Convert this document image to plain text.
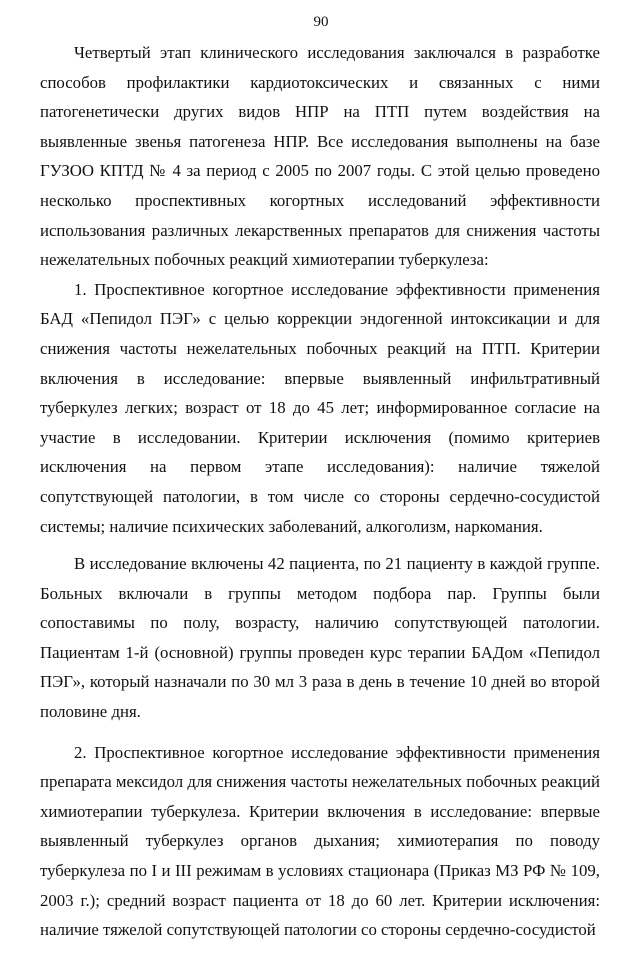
90

Четвертый этап клинического исследования заключался в разработке способов профилактики кардиотоксических и связанных с ними патогенетически других видов НПР на ПТП путем воздействия на выявленные звенья патогенеза НПР. Все исследования выполнены на базе ГУЗОО КПТД № 4 за период с 2005 по 2007 годы. С этой целью проведено несколько проспективных когортных исследований эффективности использования различных лекарственных препаратов для снижения частоты нежелательных побочных реакций химиотерапии туберкулеза:

1. Проспективное когортное исследование эффективности применения БАД «Пепидол ПЭГ» с целью коррекции эндогенной интоксикации и для снижения частоты нежелательных побочных реакций на ПТП. Критерии включения в исследование: впервые выявленный инфильтративный туберкулез легких; возраст от 18 до 45 лет; информированное согласие на участие в исследовании. Критерии исключения (помимо критериев исключения на первом этапе исследования): наличие тяжелой сопутствующей патологии, в том числе со стороны сердечно-сосудистой системы; наличие психических заболеваний, алкоголизм, наркомания.

В исследование включены 42 пациента, по 21 пациенту в каждой группе. Больных включали в группы методом подбора пар. Группы были сопоставимы по полу, возрасту, наличию сопутствующей патологии. Пациентам 1-й (основной) группы проведен курс терапии БАДом «Пепидол ПЭГ», который назначали по 30 мл 3 раза в день в течение 10 дней во второй половине дня.

2. Проспективное когортное исследование эффективности применения препарата мексидол для снижения частоты нежелательных побочных реакций химиотерапии туберкулеза. Критерии включения в исследование: впервые выявленный туберкулез органов дыхания; химиотерапия по поводу туберкулеза по I и III режимам в условиях стационара (Приказ МЗ РФ № 109, 2003 г.); средний возраст пациента от 18 до 60 лет. Критерии исключения: наличие тяжелой сопутствующей патологии со стороны сердечно-сосудистой
